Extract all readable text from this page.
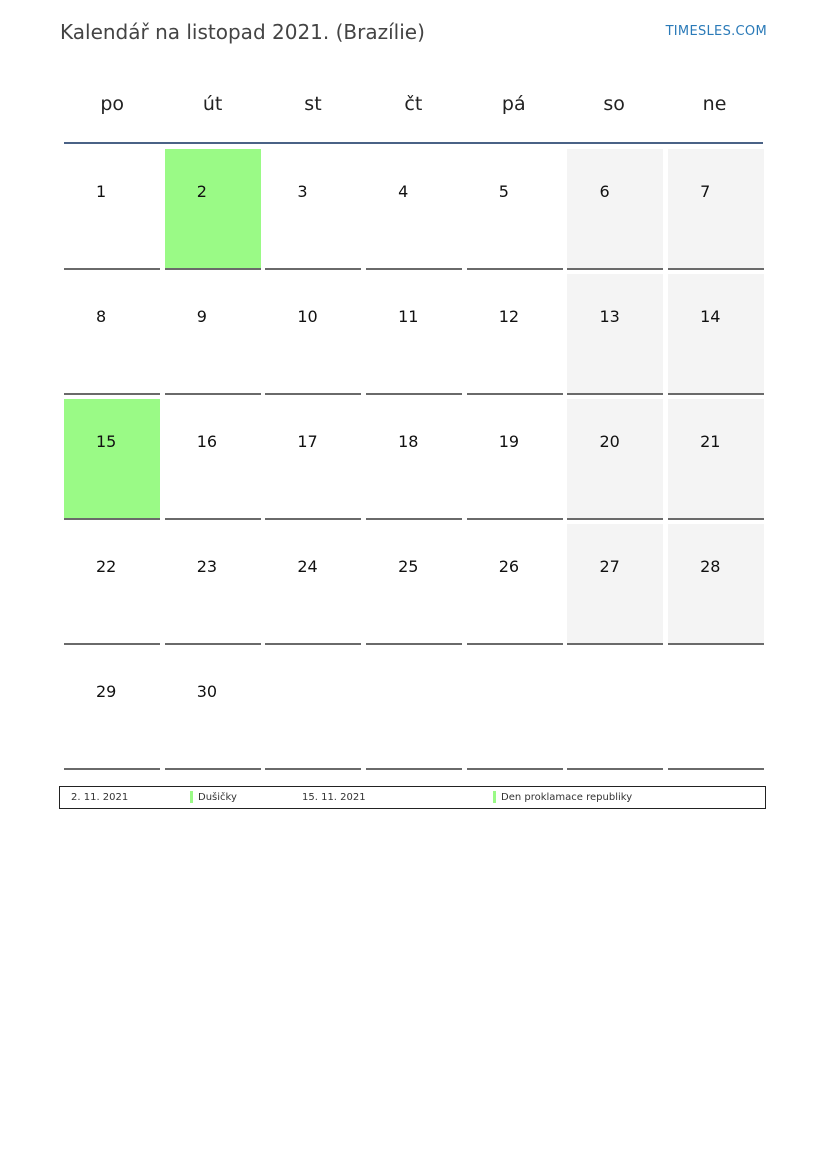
Kalendář na listopad 2021. (Brazílie)	TIMESLES.COM
po	út	st	čt	pá	so	ne
1	2	3	4	5	6	7
8	9	10	11	12	13	14
15	16	17	18	19	20	21
22	23	24	25	26	27	28
29	30
2. 11. 2021	Dušičky	15. 11. 2021	Den proklamace republiky
